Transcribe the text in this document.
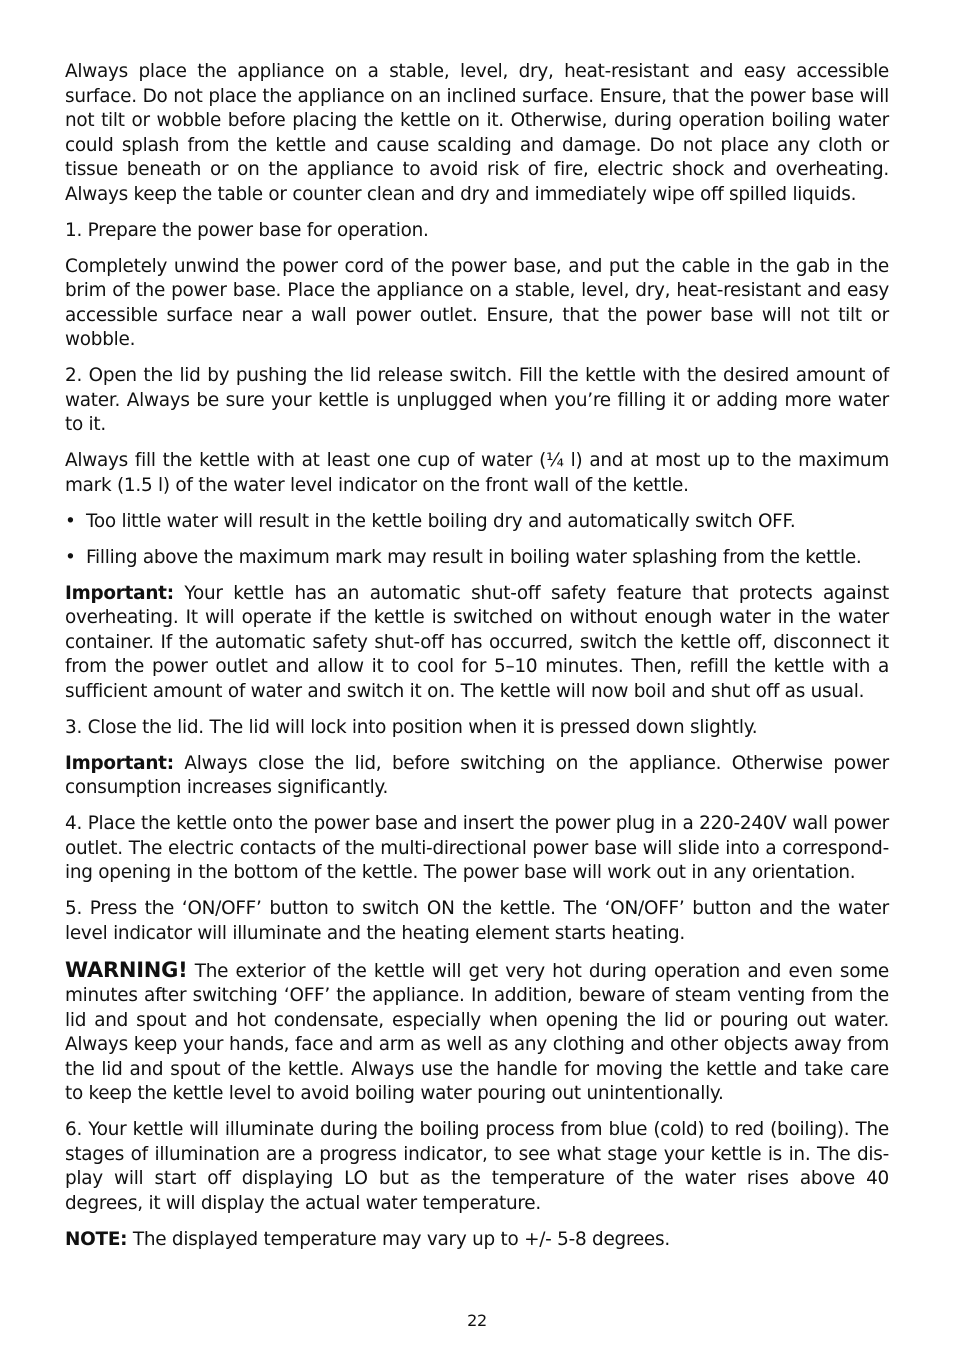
Always place the appliance on a stable, level, dry, heat-resistant and easy accessible surface. Do not place the appliance on an inclined surface. Ensure, that the power base will not tilt or wobble before placing the kettle on it. Otherwise, during operation boiling water could splash from the kettle and cause scalding and damage. Do not place any cloth or tissue beneath or on the appliance to avoid risk of fire, electric shock and overheating. Always keep the table or counter clean and dry and immediately wipe off spilled liquids.

1. Prepare the power base for operation.

Completely unwind the power cord of the power base, and put the cable in the gab in the brim of the power base. Place the appliance on a stable, level, dry, heat-resistant and easy accessible surface near a wall power outlet. Ensure, that the power base will not tilt or wobble.

2. Open the lid by pushing the lid release switch. Fill the kettle with the desired amount of water. Always be sure your kettle is unplugged when you’re filling it or adding more water to it.

Always fill the kettle with at least one cup of water (¼ l) and at most up to the maximum mark (1.5 l) of the water level indicator on the front wall of the kettle.

• Too little water will result in the kettle boiling dry and automatically switch OFF.

• Filling above the maximum mark may result in boiling water splashing from the kettle.

Important: Your kettle has an automatic shut-off safety feature that protects against overheating. It will operate if the kettle is switched on without enough water in the water container. If the automatic safety shut-off has occurred, switch the kettle off, disconnect it from the power outlet and allow it to cool for 5–10 minutes. Then, refill the kettle with a sufficient amount of water and switch it on. The kettle will now boil and shut off as usual.

3. Close the lid. The lid will lock into position when it is pressed down slightly.

Important: Always close the lid, before switching on the appliance. Otherwise power consumption increases significantly.

4. Place the kettle onto the power base and insert the power plug in a 220-240V wall power outlet. The electric contacts of the multi-directional power base will slide into a correspond-ing opening in the bottom of the kettle. The power base will work out in any orientation.

5. Press the ‘ON/OFF’ button to switch ON the kettle. The ‘ON/OFF’ button and the water level indicator will illuminate and the heating element starts heating.

WARNING! The exterior of the kettle will get very hot during operation and even some minutes after switching ‘OFF’ the appliance. In addition, beware of steam venting from the lid and spout and hot condensate, especially when opening the lid or pouring out water. Always keep your hands, face and arm as well as any clothing and other objects away from the lid and spout of the kettle. Always use the handle for moving the kettle and take care to keep the kettle level to avoid boiling water pouring out unintentionally.

6. Your kettle will illuminate during the boiling process from blue (cold) to red (boiling). The stages of illumination are a progress indicator, to see what stage your kettle is in. The dis-play will start off displaying LO but as the temperature of the water rises above 40 degrees, it will display the actual water temperature.

NOTE: The displayed temperature may vary up to +/- 5-8 degrees.

22
